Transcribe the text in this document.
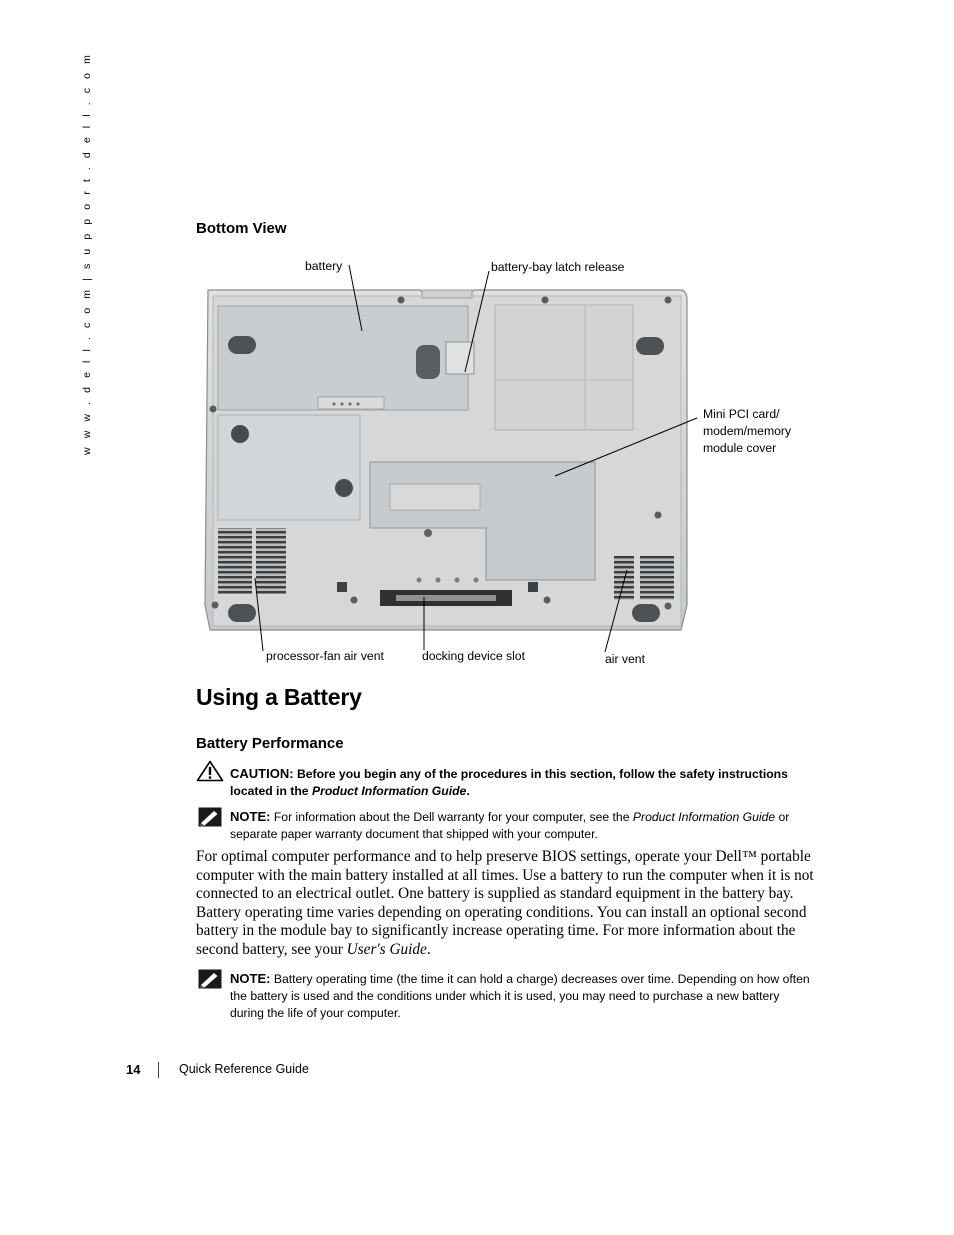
w w w . d e l l . c o m | s u p p o r t . d e l l . c o m	Bottom View
battery	battery-bay latch release
Mini PCI card/
modem/memory
module cover
processor-fan air vent	docking device slot	air vent
Using a Battery
Battery Performance
CAUTION: Before you begin any of the procedures in this section, follow the safety instructions located in the Product Information Guide.
NOTE: For information about the Dell warranty for your computer, see the Product Information Guide or separate paper warranty document that shipped with your computer.
For optimal computer performance and to help preserve BIOS settings, operate your Dell™ portable computer with the main battery installed at all times. Use a battery to run the computer when it is not connected to an electrical outlet. One battery is supplied as standard equipment in the battery bay. Battery operating time varies depending on operating conditions. You can install an optional second battery in the module bay to significantly increase operating time. For more information about the second battery, see your User's Guide.
NOTE: Battery operating time (the time it can hold a charge) decreases over time. Depending on how often the battery is used and the conditions under which it is used, you may need to purchase a new battery during the life of your computer.
14	Quick Reference Guide
